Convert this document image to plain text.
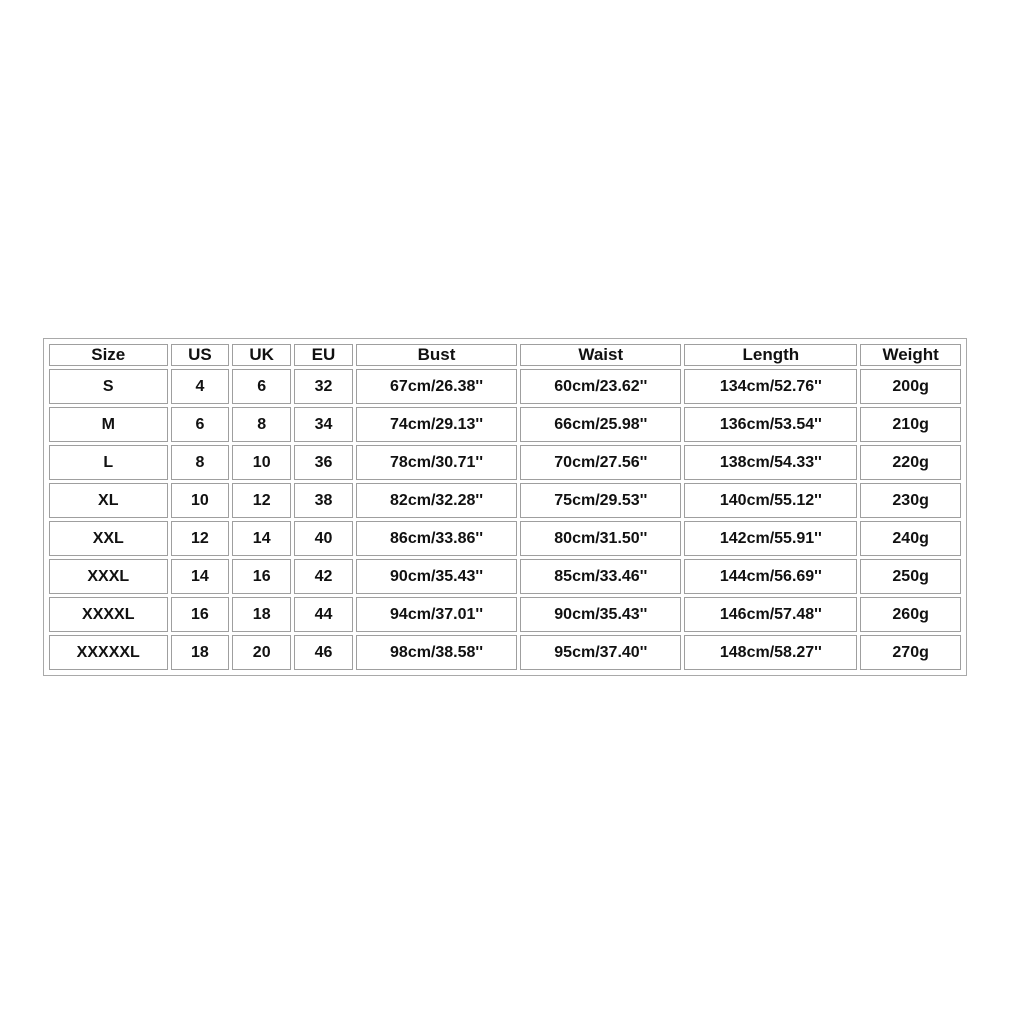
Size	US	UK	EU	Bust	Waist	Length	Weight
S	4	6	32	67cm/26.38''	60cm/23.62''	134cm/52.76''	200g
M	6	8	34	74cm/29.13''	66cm/25.98''	136cm/53.54''	210g
L	8	10	36	78cm/30.71''	70cm/27.56''	138cm/54.33''	220g
XL	10	12	38	82cm/32.28''	75cm/29.53''	140cm/55.12''	230g
XXL	12	14	40	86cm/33.86''	80cm/31.50''	142cm/55.91''	240g
XXXL	14	16	42	90cm/35.43''	85cm/33.46''	144cm/56.69''	250g
XXXXL	16	18	44	94cm/37.01''	90cm/35.43''	146cm/57.48''	260g
XXXXXL	18	20	46	98cm/38.58''	95cm/37.40''	148cm/58.27''	270g
